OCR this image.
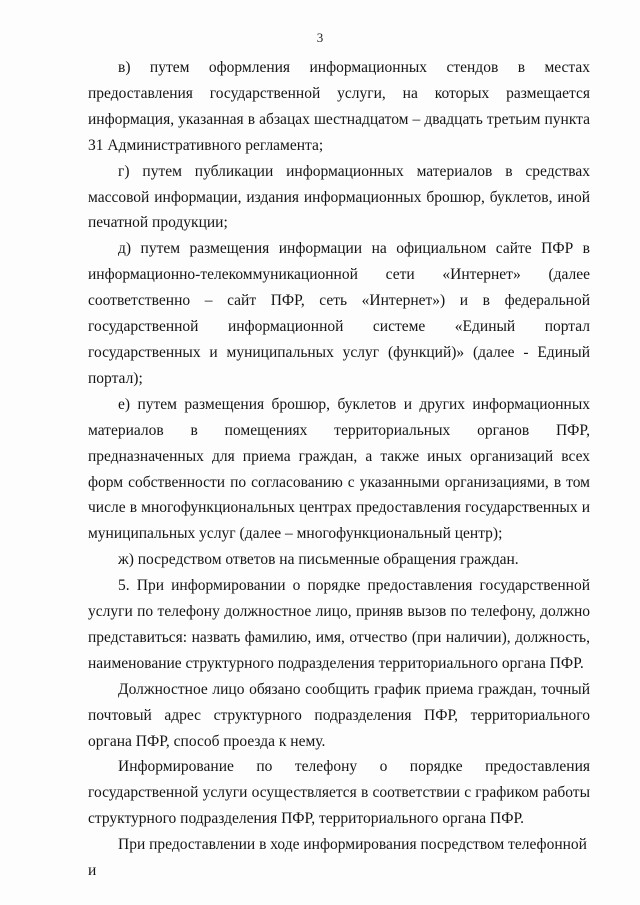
3

в) путем оформления информационных стендов в местах предоставления государственной услуги, на которых размещается информация, указанная в абзацах шестнадцатом – двадцать третьим пункта 31 Административного регламента;

г) путем публикации информационных материалов в средствах массовой информации, издания информационных брошюр, буклетов, иной печатной продукции;

д) путем размещения информации на официальном сайте ПФР в информационно-телекоммуникационной сети «Интернет» (далее соответственно – сайт ПФР, сеть «Интернет») и в федеральной государственной информационной системе «Единый портал государственных и муниципальных услуг (функций)» (далее - Единый портал);

е) путем размещения брошюр, буклетов и других информационных материалов в помещениях территориальных органов ПФР, предназначенных для приема граждан, а также иных организаций всех форм собственности по согласованию с указанными организациями, в том числе в многофункциональных центрах предоставления государственных и муниципальных услуг (далее – многофункциональный центр);

ж) посредством ответов на письменные обращения граждан.

5. При информировании о порядке предоставления государственной услуги по телефону должностное лицо, приняв вызов по телефону, должно представиться: назвать фамилию, имя, отчество (при наличии), должность, наименование структурного подразделения территориального органа ПФР.

Должностное лицо обязано сообщить график приема граждан, точный почтовый адрес структурного подразделения ПФР, территориального органа ПФР, способ проезда к нему.

Информирование по телефону о порядке предоставления государственной услуги осуществляется в соответствии с графиком работы структурного подразделения ПФР, территориального органа ПФР.

При предоставлении в ходе информирования посредством телефонной и
